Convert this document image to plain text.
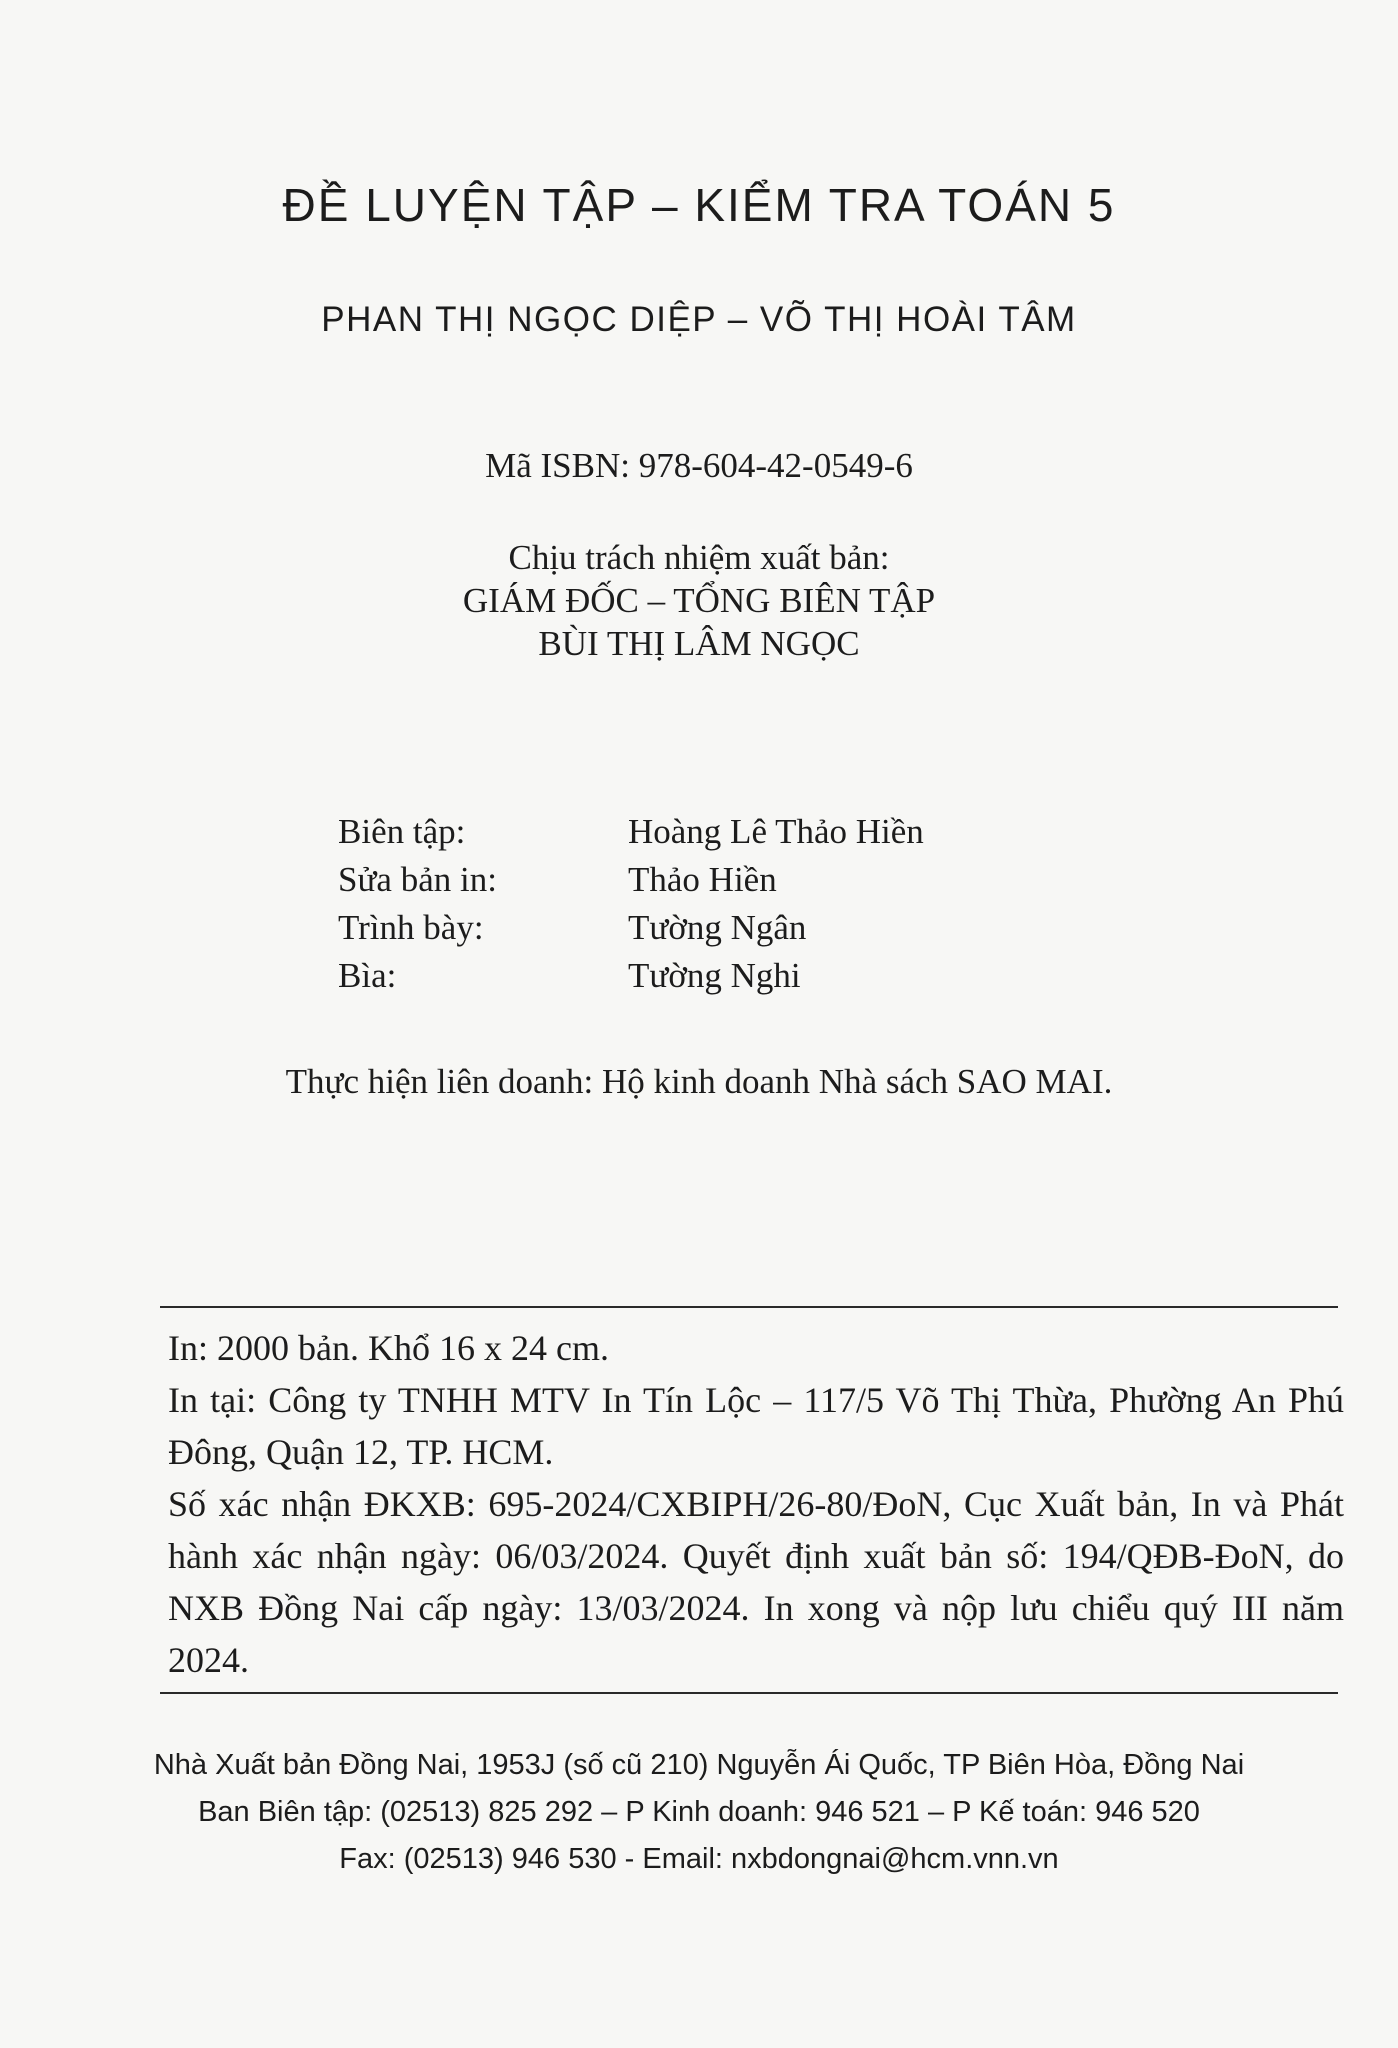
ĐỀ LUYỆN TẬP – KIỂM TRA TOÁN 5
PHAN THỊ NGỌC DIỆP – VÕ THỊ HOÀI TÂM
Mã ISBN: 978-604-42-0549-6
Chịu trách nhiệm xuất bản:
GIÁM ĐỐC – TỔNG BIÊN TẬP
BÙI THỊ LÂM NGỌC
Biên tập:	Hoàng Lê Thảo Hiền
Sửa bản in:	Thảo Hiền
Trình bày:	Tường Ngân
Bìa:	Tường Nghi
Thực hiện liên doanh: Hộ kinh doanh Nhà sách SAO MAI.

In: 2000 bản. Khổ 16 x 24 cm.

In tại: Công ty TNHH MTV In Tín Lộc – 117/5 Võ Thị Thừa, Phường An Phú Đông, Quận 12, TP. HCM.

Số xác nhận ĐKXB: 695-2024/CXBIPH/26-80/ĐoN, Cục Xuất bản, In và Phát hành xác nhận ngày: 06/03/2024. Quyết định xuất bản số: 194/QĐB-ĐoN, do NXB Đồng Nai cấp ngày: 13/03/2024. In xong và nộp lưu chiểu quý III năm 2024.

Nhà Xuất bản Đồng Nai, 1953J (số cũ 210) Nguyễn Ái Quốc, TP Biên Hòa, Đồng Nai
Ban Biên tập: (02513) 825 292 – P Kinh doanh: 946 521 – P Kế toán: 946 520
Fax: (02513) 946 530 - Email: nxbdongnai@hcm.vnn.vn
